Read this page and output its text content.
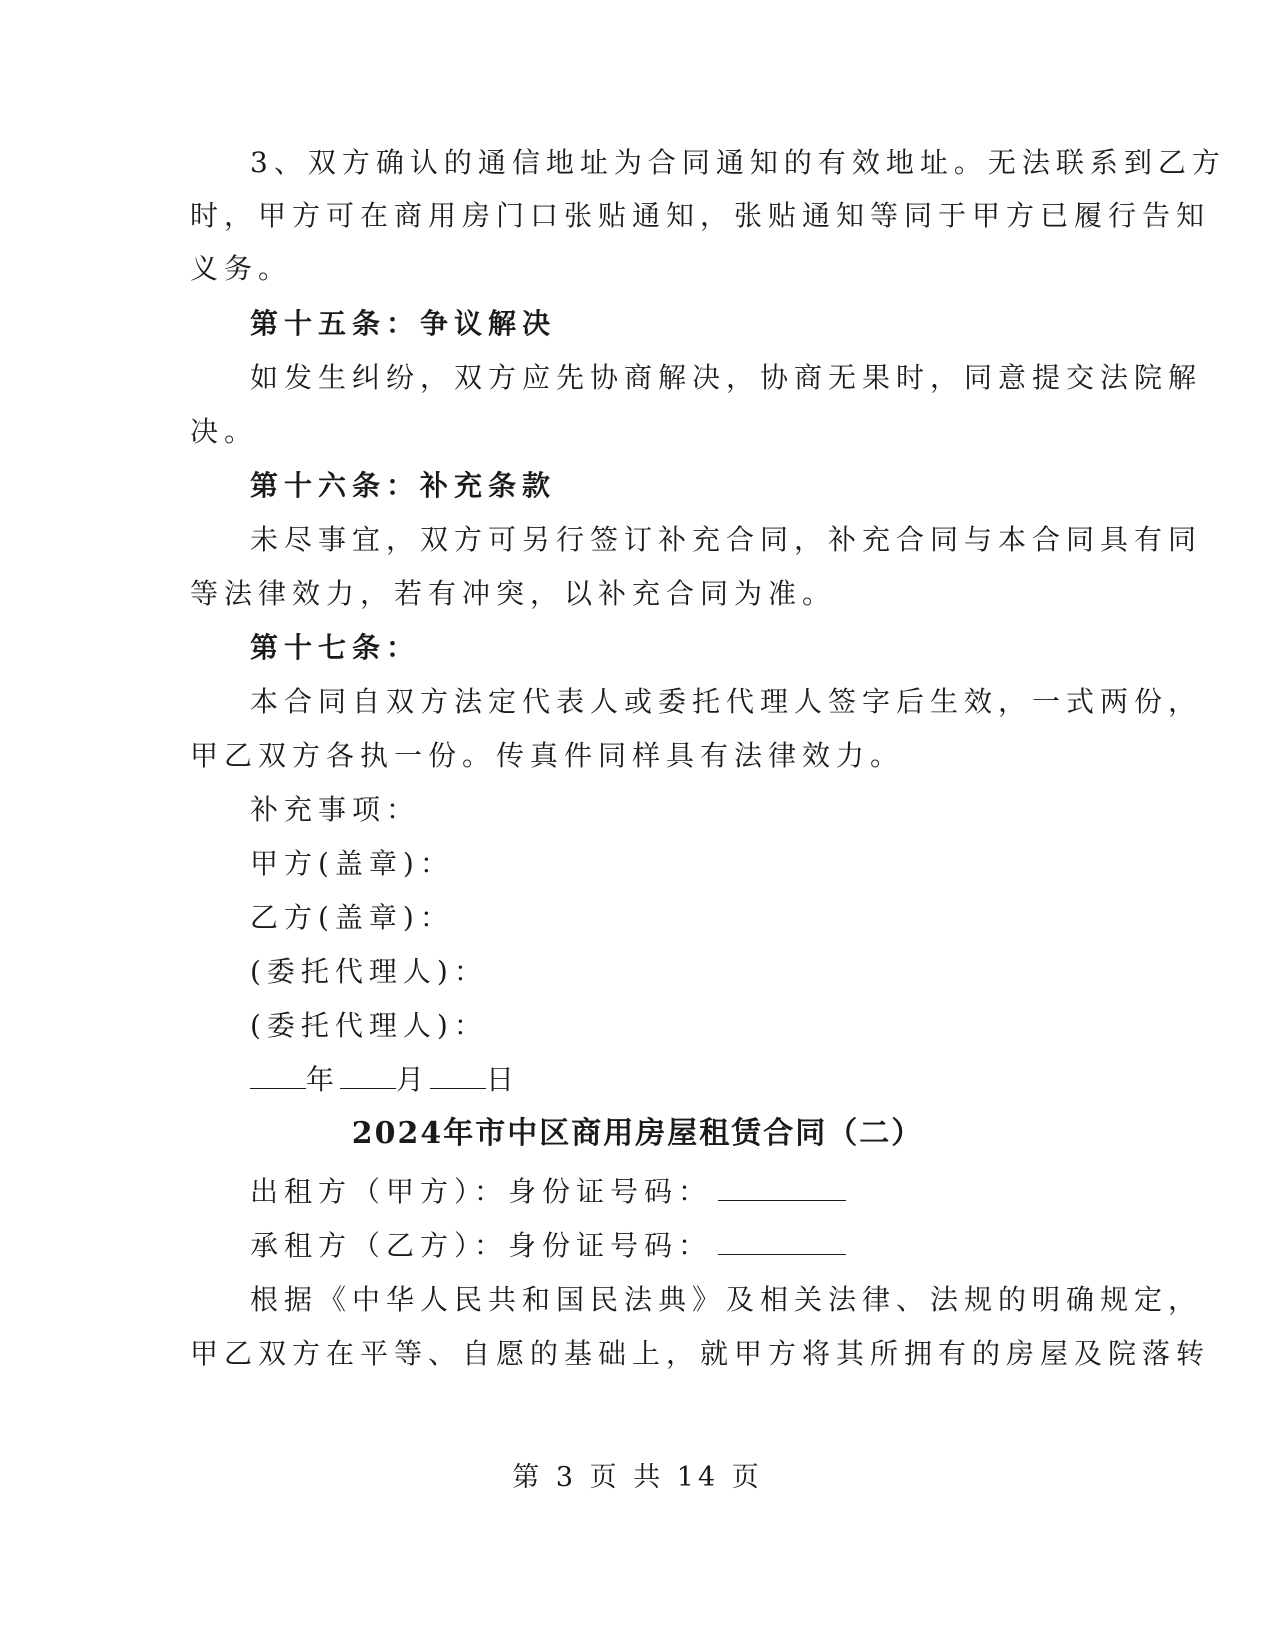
3、双方确认的通信地址为合同通知的有效地址。无法联系到乙方
时，甲方可在商用房门口张贴通知，张贴通知等同于甲方已履行告知
义务。
第十五条：争议解决
如发生纠纷，双方应先协商解决，协商无果时，同意提交法院解
决。
第十六条：补充条款
未尽事宜，双方可另行签订补充合同，补充合同与本合同具有同
等法律效力，若有冲突，以补充合同为准。
第十七条：
本合同自双方法定代表人或委托代理人签字后生效，一式两份，
甲乙双方各执一份。传真件同样具有法律效力。
补充事项：
甲方(盖章)：
乙方(盖章)：
(委托代理人)：
(委托代理人)：
年 月 日
2024年市中区商用房屋租赁合同（二）
出租方（甲方）：身份证号码：
承租方（乙方）：身份证号码：
根据《中华人民共和国民法典》及相关法律、法规的明确规定，
甲乙双方在平等、自愿的基础上，就甲方将其所拥有的房屋及院落转
第 3 页 共 14 页
